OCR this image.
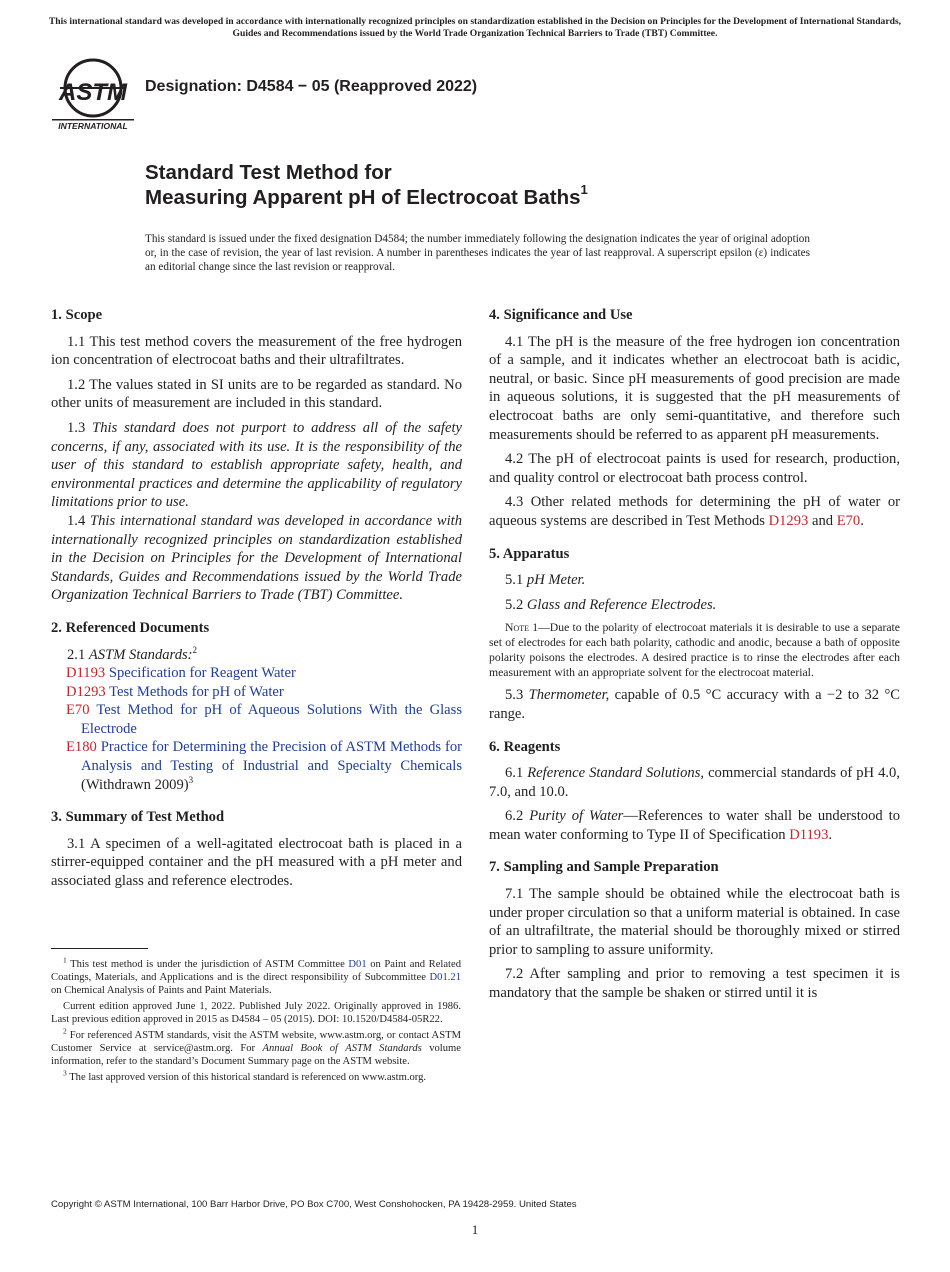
This international standard was developed in accordance with internationally recognized principles on standardization established in the Decision on Principles for the Development of International Standards, Guides and Recommendations issued by the World Trade Organization Technical Barriers to Trade (TBT) Committee.
ASTM
INTERNATIONAL
Designation: D4584 − 05 (Reapproved 2022)
Standard Test Method for
Measuring Apparent pH of Electrocoat Baths$^1$
This standard is issued under the fixed designation D4584; the number immediately following the designation indicates the year of original adoption or, in the case of revision, the year of last revision. A number in parentheses indicates the year of last reapproval. A superscript epsilon (ε) indicates an editorial change since the last revision or reapproval.
1. Scope

1.1 This test method covers the measurement of the free hydrogen ion concentration of electrocoat baths and their ultrafiltrates.

1.2 The values stated in SI units are to be regarded as standard. No other units of measurement are included in this standard.

1.3 This standard does not purport to address all of the safety concerns, if any, associated with its use. It is the responsibility of the user of this standard to establish appropriate safety, health, and environmental practices and determine the applicability of regulatory limitations prior to use.

1.4 This international standard was developed in accordance with internationally recognized principles on standardization established in the Decision on Principles for the Development of International Standards, Guides and Recommendations issued by the World Trade Organization Technical Barriers to Trade (TBT) Committee.

2. Referenced Documents

2.1 ASTM Standards:$^2$

D1193 Specification for Reagent Water
D1293 Test Methods for pH of Water
E70 Test Method for pH of Aqueous Solutions With the Glass Electrode
E180 Practice for Determining the Precision of ASTM Methods for Analysis and Testing of Industrial and Specialty Chemicals (Withdrawn 2009)$^3$
3. Summary of Test Method

3.1 A specimen of a well-agitated electrocoat bath is placed in a stirrer-equipped container and the pH measured with a pH meter and associated glass and reference electrodes.

$^1$ This test method is under the jurisdiction of ASTM Committee D01 on Paint and Related Coatings, Materials, and Applications and is the direct responsibility of Subcommittee D01.21 on Chemical Analysis of Paints and Paint Materials.

Current edition approved June 1, 2022. Published July 2022. Originally approved in 1986. Last previous edition approved in 2015 as D4584 – 05 (2015). DOI: 10.1520/D4584-05R22.

$^2$ For referenced ASTM standards, visit the ASTM website, www.astm.org, or contact ASTM Customer Service at service@astm.org. For Annual Book of ASTM Standards volume information, refer to the standard’s Document Summary page on the ASTM website.

$^3$ The last approved version of this historical standard is referenced on www.astm.org.

4. Significance and Use

4.1 The pH is the measure of the free hydrogen ion concentration of a sample, and it indicates whether an electrocoat bath is acidic, neutral, or basic. Since pH measurements of good precision are made in aqueous solutions, it is suggested that the pH measurements of electrocoat baths are only semi-quantitative, and therefore such measurements should be referred to as apparent pH measurements.

4.2 The pH of electrocoat paints is used for research, production, and quality control or electrocoat bath process control.

4.3 Other related methods for determining the pH of water or aqueous systems are described in Test Methods D1293 and E70.

5. Apparatus

5.1 pH Meter.

5.2 Glass and Reference Electrodes.

Note 1—Due to the polarity of electrocoat materials it is desirable to use a separate set of electrodes for each bath polarity, cathodic and anodic, because a bath of opposite polarity poisons the electrodes. A desired practice is to rinse the electrodes after each measurement with an appropriate solvent for the electrocoat material.

5.3 Thermometer, capable of 0.5 °C accuracy with a −2 to 32 °C range.

6. Reagents

6.1 Reference Standard Solutions, commercial standards of pH 4.0, 7.0, and 10.0.

6.2 Purity of Water—References to water shall be understood to mean water conforming to Type II of Specification D1193.

7. Sampling and Sample Preparation

7.1 The sample should be obtained while the electrocoat bath is under proper circulation so that a uniform material is obtained. In case of an ultrafiltrate, the material should be thoroughly mixed or stirred prior to sampling to assure uniformity.

7.2 After sampling and prior to removing a test specimen it is mandatory that the sample be shaken or stirred until it is

Copyright © ASTM International, 100 Barr Harbor Drive, PO Box C700, West Conshohocken, PA 19428-2959. United States
1
